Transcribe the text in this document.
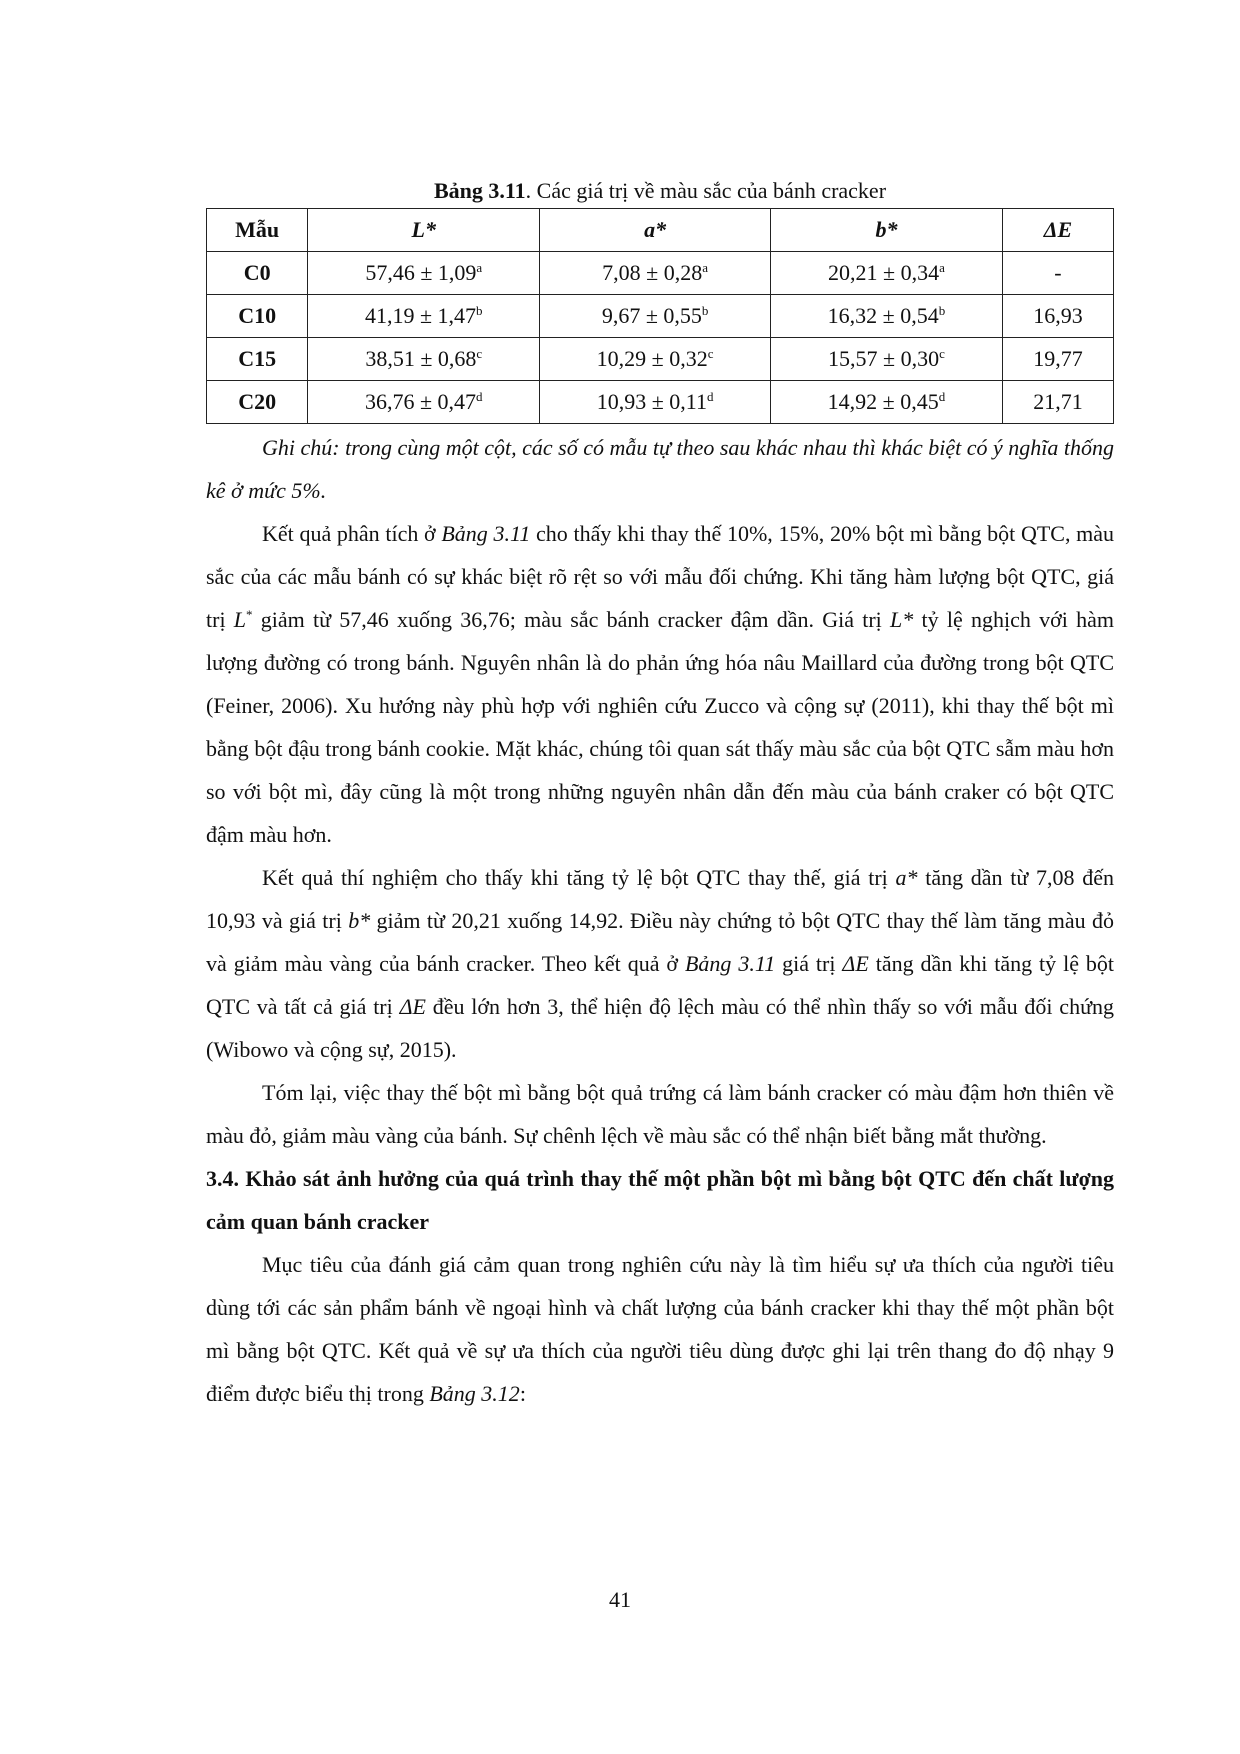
Bảng 3.11. Các giá trị về màu sắc của bánh cracker
Mẫu	L*	a*	b*	ΔE
C0	57,46 ± 1,09$^a$	7,08 ± 0,28$^a$	20,21 ± 0,34$^a$	-
C10	41,19 ± 1,47$^b$	9,67 ± 0,55$^b$	16,32 ± 0,54$^b$	16,93
C15	38,51 ± 0,68$^c$	10,29 ± 0,32$^c$	15,57 ± 0,30$^c$	19,77
C20	36,76 ± 0,47$^d$	10,93 ± 0,11$^d$	14,92 ± 0,45$^d$	21,71

Ghi chú: trong cùng một cột, các số có mẫu tự theo sau khác nhau thì khác biệt có ý nghĩa thống kê ở mức 5%.

Kết quả phân tích ở Bảng 3.11 cho thấy khi thay thế 10%, 15%, 20% bột mì bằng bột QTC, màu sắc của các mẫu bánh có sự khác biệt rõ rệt so với mẫu đối chứng. Khi tăng hàm lượng bột QTC, giá trị L* giảm từ 57,46 xuống 36,76; màu sắc bánh cracker đậm dần. Giá trị L* tỷ lệ nghịch với hàm lượng đường có trong bánh. Nguyên nhân là do phản ứng hóa nâu Maillard của đường trong bột QTC (Feiner, 2006). Xu hướng này phù hợp với nghiên cứu Zucco và cộng sự (2011), khi thay thế bột mì bằng bột đậu trong bánh cookie. Mặt khác, chúng tôi quan sát thấy màu sắc của bột QTC sẫm màu hơn so với bột mì, đây cũng là một trong những nguyên nhân dẫn đến màu của bánh craker có bột QTC đậm màu hơn.

Kết quả thí nghiệm cho thấy khi tăng tỷ lệ bột QTC thay thế, giá trị a* tăng dần từ 7,08 đến 10,93 và giá trị b* giảm từ 20,21 xuống 14,92. Điều này chứng tỏ bột QTC thay thế làm tăng màu đỏ và giảm màu vàng của bánh cracker. Theo kết quả ở Bảng 3.11 giá trị ΔE tăng dần khi tăng tỷ lệ bột QTC và tất cả giá trị ΔE đều lớn hơn 3, thể hiện độ lệch màu có thể nhìn thấy so với mẫu đối chứng (Wibowo và cộng sự, 2015).

Tóm lại, việc thay thế bột mì bằng bột quả trứng cá làm bánh cracker có màu đậm hơn thiên về màu đỏ, giảm màu vàng của bánh. Sự chênh lệch về màu sắc có thể nhận biết bằng mắt thường.

3.4. Khảo sát ảnh hưởng của quá trình thay thế một phần bột mì bằng bột QTC đến chất lượng cảm quan bánh cracker

Mục tiêu của đánh giá cảm quan trong nghiên cứu này là tìm hiểu sự ưa thích của người tiêu dùng tới các sản phẩm bánh về ngoại hình và chất lượng của bánh cracker khi thay thế một phần bột mì bằng bột QTC. Kết quả về sự ưa thích của người tiêu dùng được ghi lại trên thang đo độ nhạy 9 điểm được biểu thị trong Bảng 3.12:

41
